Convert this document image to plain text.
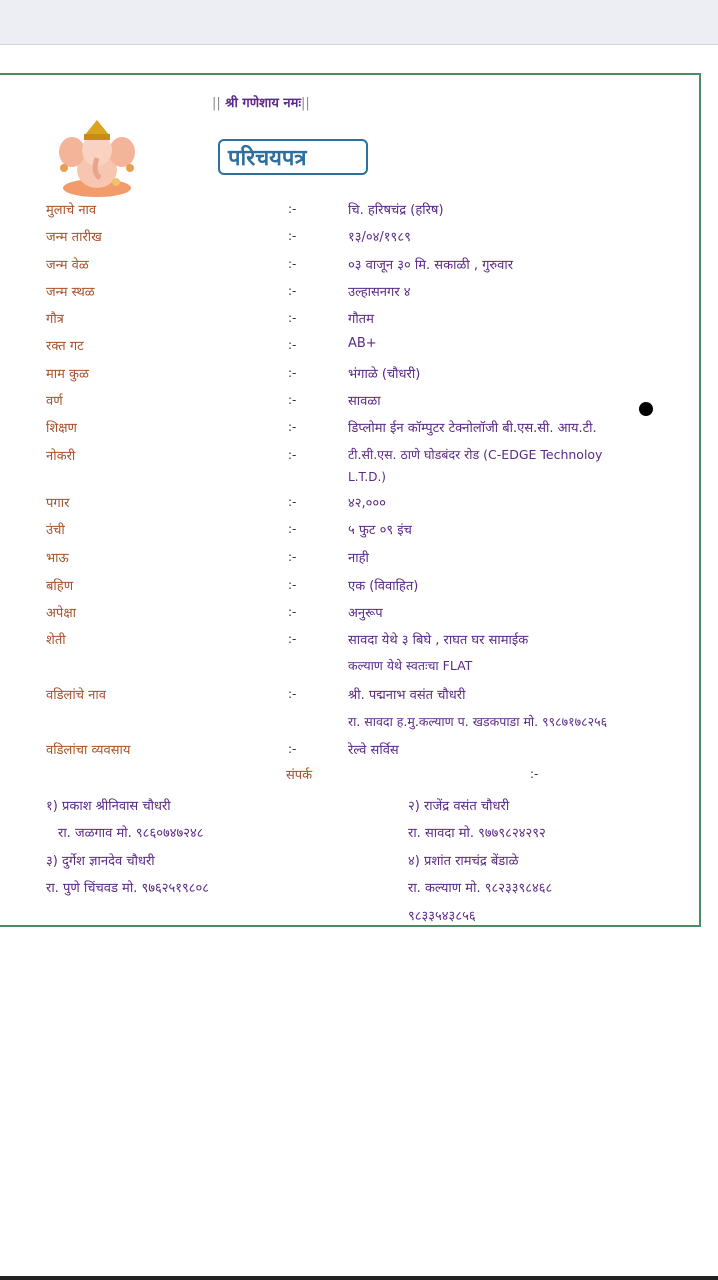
|| श्री गणेशाय नमः||
परिचयपत्र
मुलाचे नाव	:-	चि. हरिषचंद्र (हरिष)
जन्म तारीख	:-	१३/०४/१९८९
जन्म वेळ	:-	०३ वाजून ३० मि. सकाळी , गुरुवार
जन्म स्थळ	:-	उल्हासनगर ४
गौत्र	:-	गौतम
रक्त गट	:-	AB+
माम कुळ	:-	भंगाळे (चौधरी)
वर्ण	:-	सावळा
शिक्षण	:-	डिप्लोमा ईन कॉम्पुटर टेक्नोलॉजी बी.एस.सी. आय.टी.
नोकरी	:-	टी.सी.एस. ठाणे घोडबंदर रोड (C-EDGE Technoloy
L.T.D.)
पगार	:-	४२,०००
उंची	:-	५ फुट ०९ इंच
भाऊ	:-	नाही
बहिण	:-	एक (विवाहित)
अपेक्षा	:-	अनुरूप
शेती	:-	सावदा येथे ३ बिघे , राघत घर सामाईक
कल्याण येथे स्वतःचा FLAT
वडिलांचे नाव	:-	श्री. पद्मनाभ वसंत चौधरी
रा. सावदा ह.मु.कल्याण प. खडकपाडा मो. ९९८७१७८२५६
वडिलांचा व्यवसाय	:-	रेल्वे सर्विस
संपर्क	:-
१) प्रकाश श्रीनिवास चौधरी
रा. जळगाव मो. ९८६०७४७२४८
२) राजेंद्र वसंत चौधरी
रा. सावदा मो. ९७७९८२४२९२
३) दुर्गेश ज्ञानदेव चौधरी
रा. पुणे चिंचवड मो. ९७६२५१९८०८
४) प्रशांत रामचंद्र बेंडाळे
रा. कल्याण मो. ९८२३३९८४६८
९८३३५४३८५६
